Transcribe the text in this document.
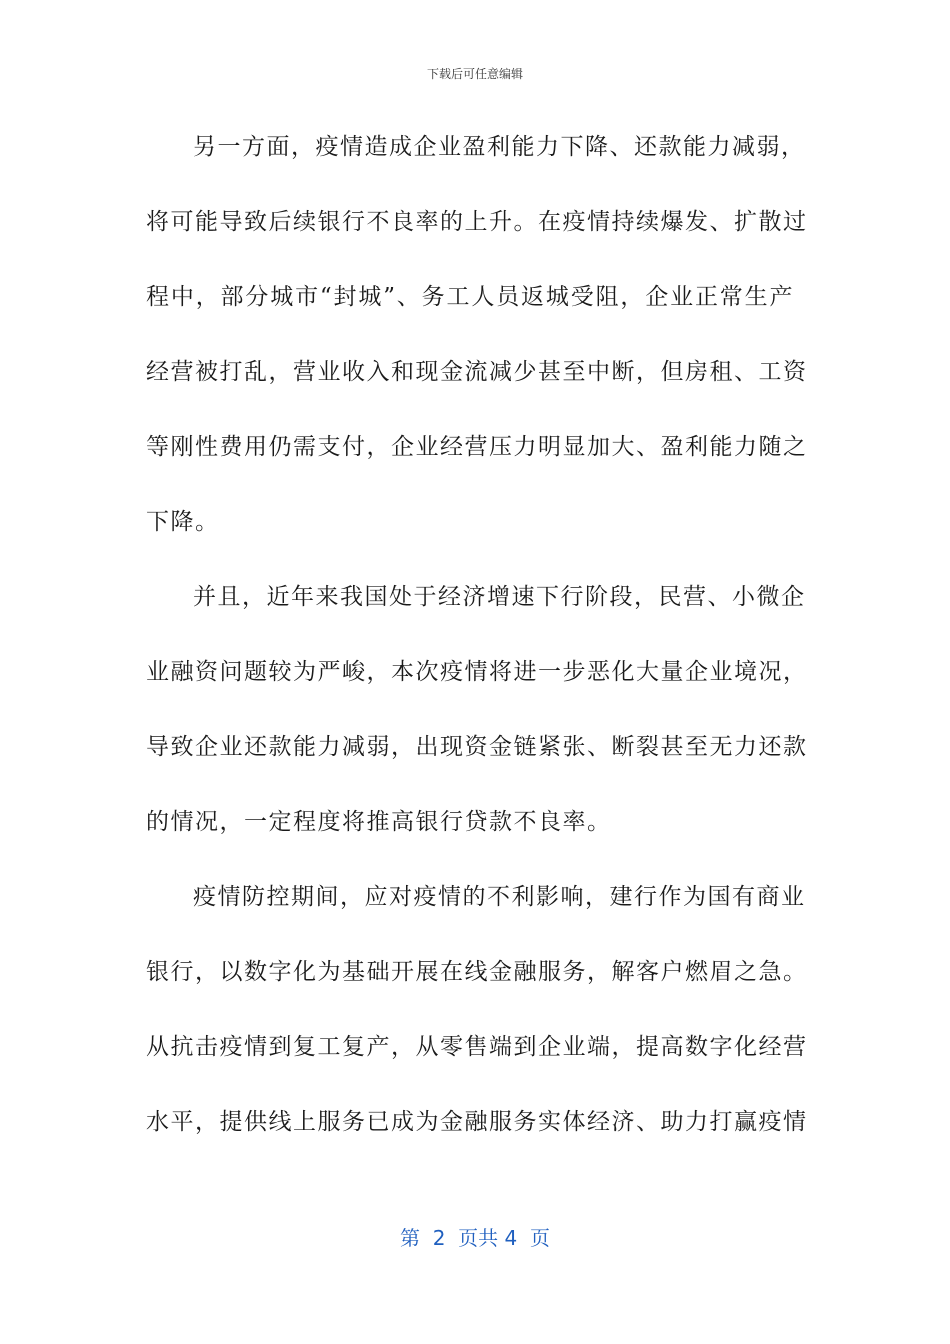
下载后可任意编辑
另一方面，疫情造成企业盈利能力下降、还款能力减弱，
将可能导致后续银行不良率的上升。在疫情持续爆发、扩散过
程中，部分城市“封城”、务工人员返城受阻，企业正常生产
经营被打乱，营业收入和现金流减少甚至中断，但房租、工资
等刚性费用仍需支付，企业经营压力明显加大、盈利能力随之
下降。
并且，近年来我国处于经济增速下行阶段，民营、小微企
业融资问题较为严峻，本次疫情将进一步恶化大量企业境况，
导致企业还款能力减弱，出现资金链紧张、断裂甚至无力还款
的情况，一定程度将推高银行贷款不良率。
疫情防控期间，应对疫情的不利影响，建行作为国有商业
银行，以数字化为基础开展在线金融服务，解客户燃眉之急。
从抗击疫情到复工复产，从零售端到企业端，提高数字化经营
水平，提供线上服务已成为金融服务实体经济、助力打赢疫情
第  2  页共 4  页
